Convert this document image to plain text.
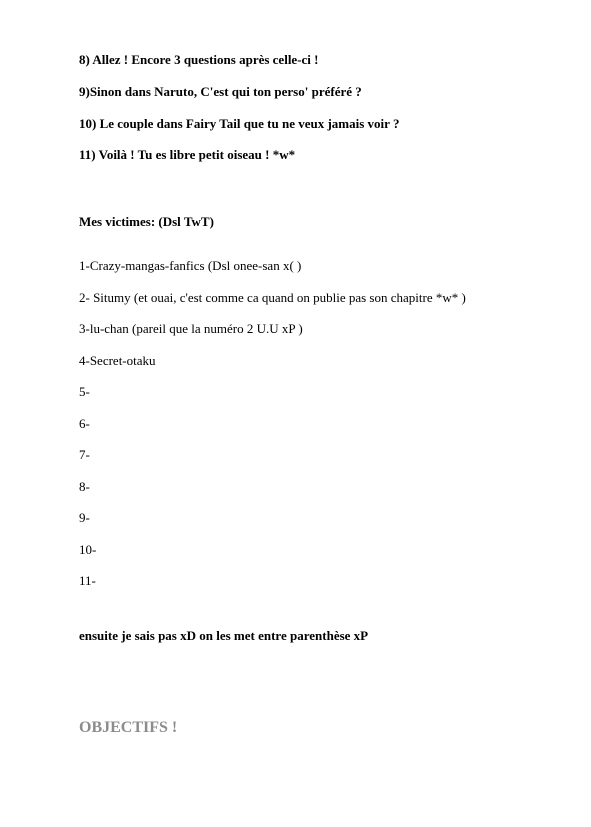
8) Allez ! Encore 3 questions après celle-ci !
9)Sinon dans Naruto, C'est qui ton perso' préféré ?
10) Le couple dans Fairy Tail que tu ne veux jamais voir ?
11) Voilà ! Tu es libre petit oiseau ! *w*
Mes victimes: (Dsl TwT)
1-Crazy-mangas-fanfics (Dsl onee-san x( )
2- Situmy (et ouai, c'est comme ca quand on publie pas son chapitre *w* )
3-lu-chan (pareil que la numéro 2 U.U xP )
4-Secret-otaku
5-
6-
7-
8-
9-
10-
11-
ensuite je sais pas xD on les met entre parenthèse xP
OBJECTIFS !
